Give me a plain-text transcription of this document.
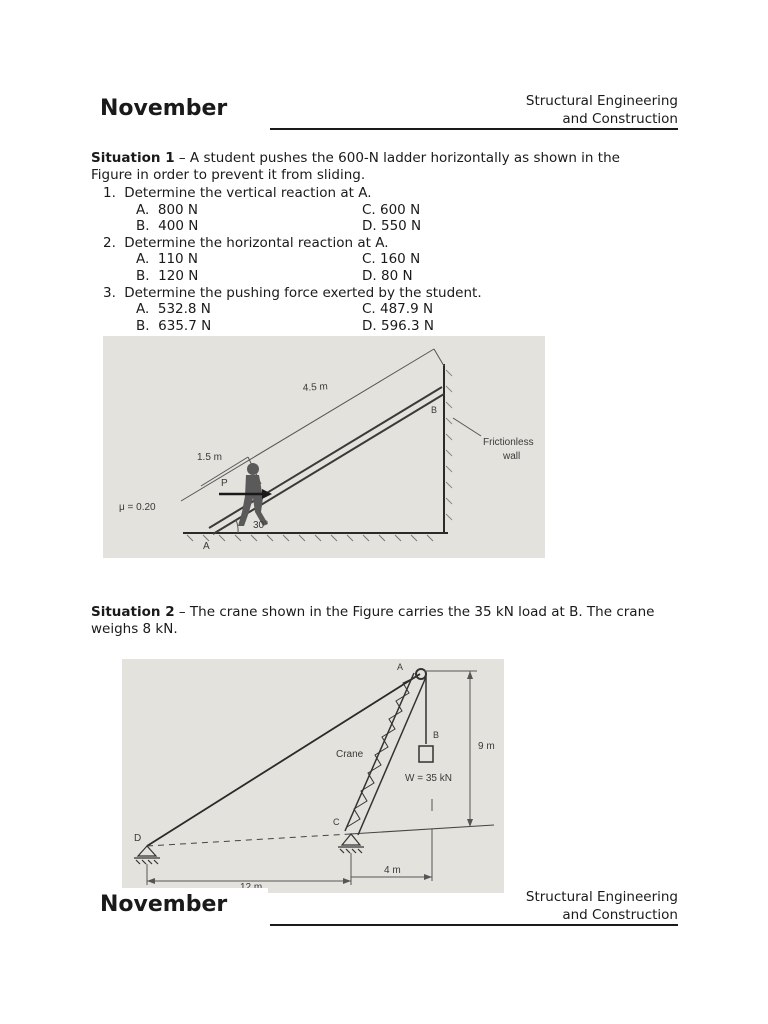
November	Structural Engineering
and Construction
Situation 1 – A student pushes the 600-N ladder horizontally as shown in the
Figure in order to prevent it from sliding.
1. Determine the vertical reaction at A.
A.  800 N	C. 600 N
B.  400 N	D. 550 N
2. Determine the horizontal reaction at A.
A.  110 N	C. 160 N
B.  120 N	D. 80 N
3. Determine the pushing force exerted by the student.
A.  532.8 N	C. 487.9 N
B.  635.7 N	D. 596.3 N
4.5 m
1.5 m
P
μ = 0.20
30°
A
B
Frictionless
wall
Situation 2 – The crane shown in the Figure carries the 35 kN load at B. The crane
weighs 8 kN.
9 m
4 m
A
B
C
D
Crane
W = 35 kN
November	Structural Engineering
and Construction
